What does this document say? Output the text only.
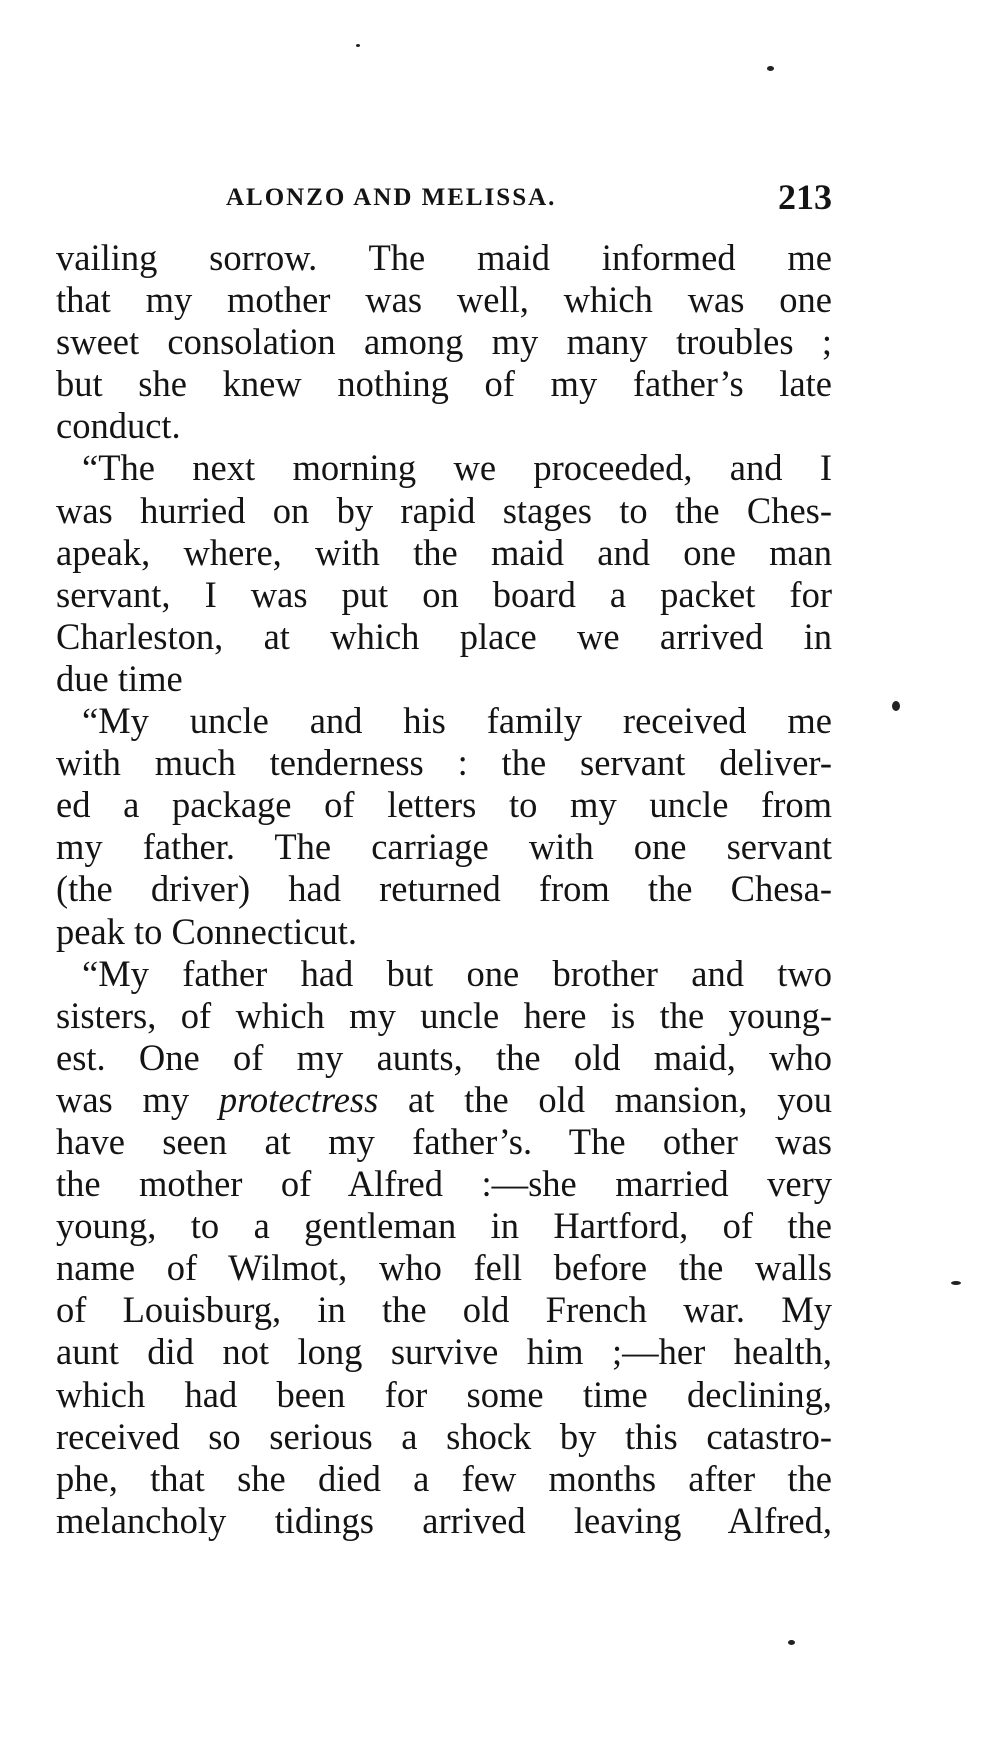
ALONZO AND MELISSA.	213
vailing sorrow. The maid informed me
that my mother was well, which was one
sweet consolation among my many troubles ;
but she knew nothing of my father’s late
conduct.
“The next morning we proceeded, and I
was hurried on by rapid stages to the Ches-
apeak, where, with the maid and one man
servant, I was put on board a packet for
Charleston, at which place we arrived in
due time
“My uncle and his family received me
with much tenderness : the servant deliver-
ed a package of letters to my uncle from
my father. The carriage with one servant
(the driver) had returned from the Chesa-
peak to Connecticut.
“My father had but one brother and two
sisters, of which my uncle here is the young-
est. One of my aunts, the old maid, who
was my protectress at the old mansion, you
have seen at my father’s. The other was
the mother of Alfred :—she married very
young, to a gentleman in Hartford, of the
name of Wilmot, who fell before the walls
of Louisburg, in the old French war. My
aunt did not long survive him ;—her health,
which had been for some time declining,
received so serious a shock by this catastro-
phe, that she died a few months after the
melancholy tidings arrived leaving Alfred,
